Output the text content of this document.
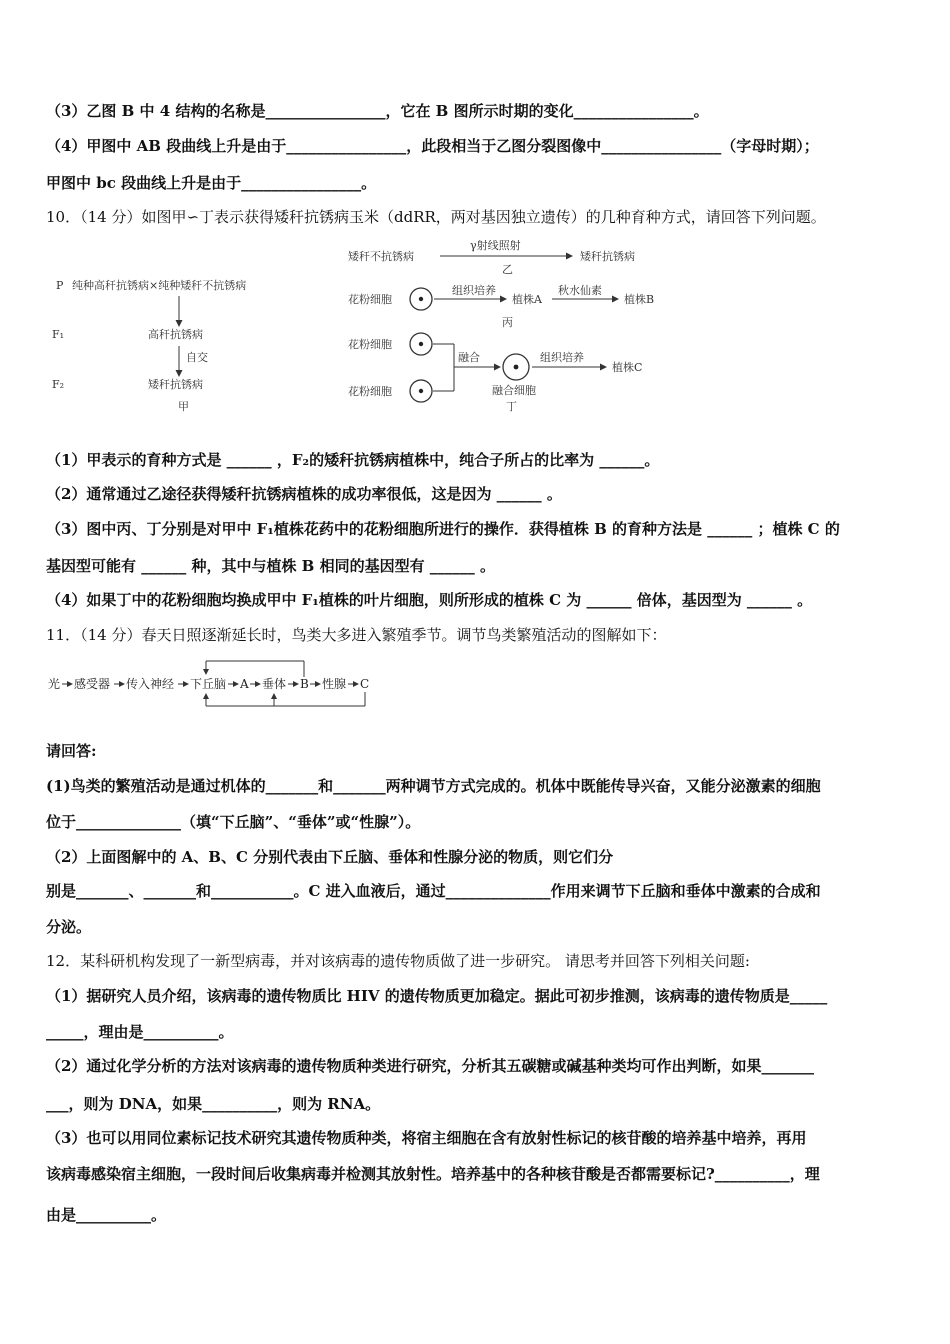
（3）乙图 B 中 4 结构的名称是________________，它在 B 图所示时期的变化________________。
（4）甲图中 AB 段曲线上升是由于________________，此段相当于乙图分裂图像中________________（字母时期）；
甲图中 bc 段曲线上升是由于________________。
10．（14 分）如图甲∽丁表示获得矮秆抗锈病玉米（ddRR，两对基因独立遗传）的几种育种方式，请回答下列问题。
P 纯种高秆抗锈病×纯种矮秆不抗锈病
F₁	高秆抗锈病
自交
F₂	矮秆抗锈病
甲
矮秆不抗锈病
γ射线照射
矮秆抗锈病
乙
花粉细胞
组织培养
植株A
秋水仙素
植株B
丙
花粉细胞
花粉细胞
融合	组织培养
植株C
融合细胞
丁
（1）甲表示的育种方式是 ______ ，F₂的矮秆抗锈病植株中，纯合子所占的比率为 ______。
（2）通常通过乙途径获得矮秆抗锈病植株的成功率很低，这是因为 ______ 。
（3）图中丙、丁分别是对甲中 F₁植株花药中的花粉细胞所进行的操作．获得植株 B 的育种方法是 ______ ；植株 C 的
基因型可能有 ______ 种，其中与植株 B 相同的基因型有 ______ 。
（4）如果丁中的花粉细胞均换成甲中 F₁植株的叶片细胞，则所形成的植株 C 为 ______ 倍体，基因型为 ______ 。
11．（14 分）春天日照逐渐延长时，鸟类大多进入繁殖季节。调节鸟类繁殖活动的图解如下：
光 感受器 传入神经 下丘脑 A 垂体 B 性腺 C
请回答:
(1)鸟类的繁殖活动是通过机体的_______和_______两种调节方式完成的。机体中既能传导兴奋，又能分泌激素的细胞
位于______________（填“下丘脑”、“垂体”或“性腺”）。
（2）上面图解中的 A、B、C 分别代表由下丘脑、垂体和性腺分泌的物质，则它们分
别是_______、_______和___________。C 进入血液后，通过______________作用来调节下丘脑和垂体中激素的合成和
分泌。
12．某科研机构发现了一新型病毒，并对该病毒的遗传物质做了进一步研究。 请思考并回答下列相关问题:
（1）据研究人员介绍，该病毒的遗传物质比 HIV 的遗传物质更加稳定。据此可初步推测，该病毒的遗传物质是_____
_____，理由是__________。
（2）通过化学分析的方法对该病毒的遗传物质种类进行研究，分析其五碳糖或碱基种类均可作出判断，如果_______
___，则为 DNA，如果__________，则为 RNA。
（3）也可以用同位素标记技术研究其遗传物质种类，将宿主细胞在含有放射性标记的核苷酸的培养基中培养，再用
该病毒感染宿主细胞，一段时间后收集病毒并检测其放射性。培养基中的各种核苷酸是否都需要标记?__________，理
由是__________。
